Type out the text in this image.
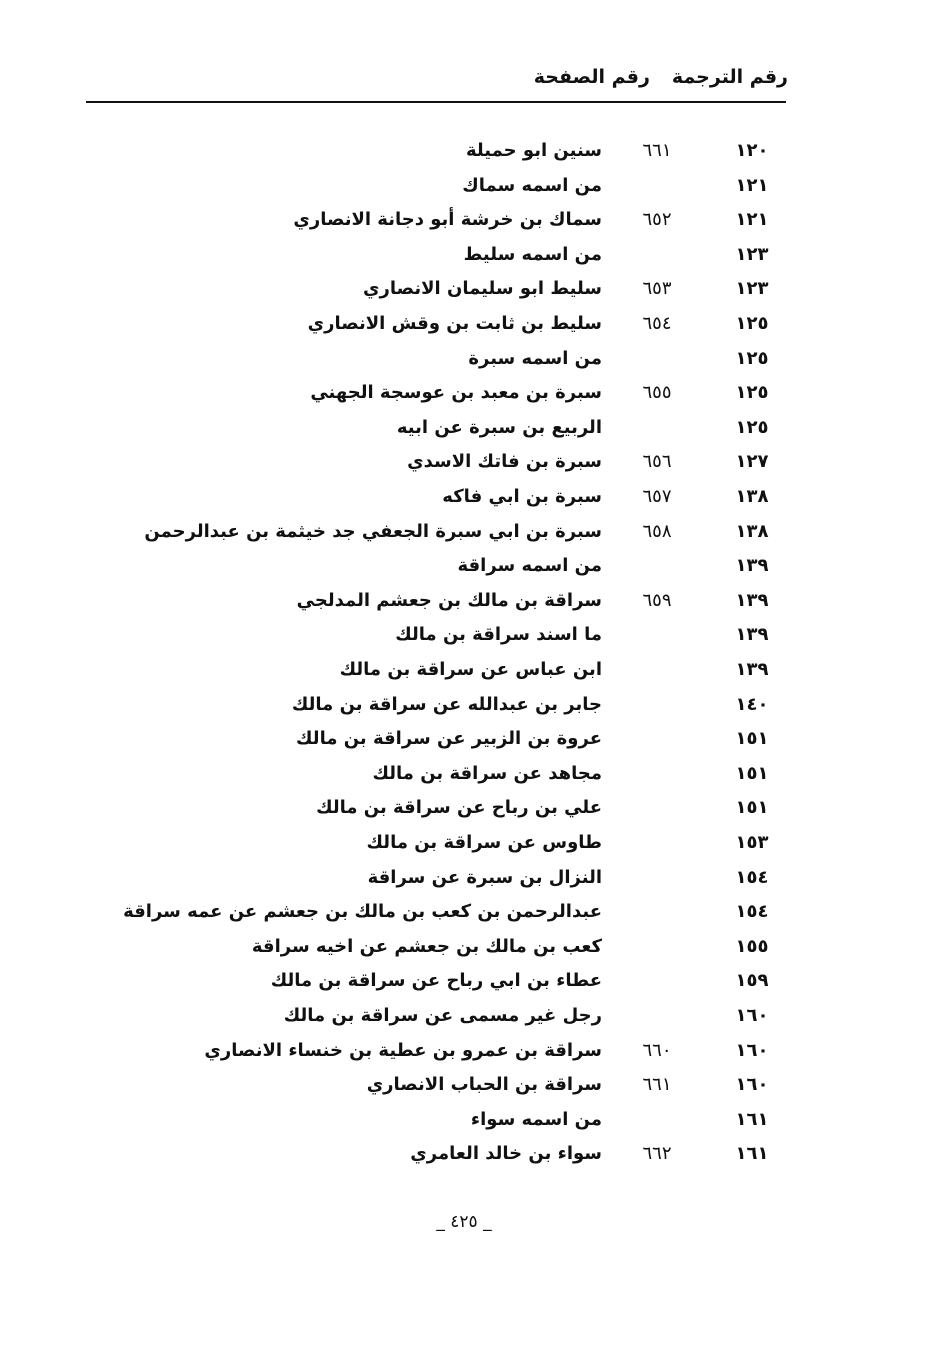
رقم الصفحة رقم الترجمة
١٢٠
٦٦١
سنين ابو حميلة
١٢١
من اسمه سماك
١٢١
٦٥٢
سماك بن خرشة أبو دجانة الانصاري
١٢٣
من اسمه سليط
١٢٣
٦٥٣
سليط ابو سليمان الانصاري
١٢٥
٦٥٤
سليط بن ثابت بن وقش الانصاري
١٢٥
من اسمه سبرة
١٢٥
٦٥٥
سبرة بن معبد بن عوسجة الجهني
١٢٥
الربيع بن سبرة عن ابيه
١٢٧
٦٥٦
سبرة بن فاتك الاسدي
١٣٨
٦٥٧
سبرة بن ابي فاكه
١٣٨
٦٥٨
سبرة بن ابي سبرة الجعفي جد خيثمة بن عبدالرحمن
١٣٩
من اسمه سراقة
١٣٩
٦٥٩
سراقة بن مالك بن جعشم المدلجي
١٣٩
ما اسند سراقة بن مالك
١٣٩
ابن عباس عن سراقة بن مالك
١٤٠
جابر بن عبدالله عن سراقة بن مالك
١٥١
عروة بن الزبير عن سراقة بن مالك
١٥١
مجاهد عن سراقة بن مالك
١٥١
علي بن رباح عن سراقة بن مالك
١٥٣
طاوس عن سراقة بن مالك
١٥٤
النزال بن سبرة عن سراقة
١٥٤
عبدالرحمن بن كعب بن مالك بن جعشم عن عمه سراقة
١٥٥
كعب بن مالك بن جعشم عن اخيه سراقة
١٥٩
عطاء بن ابي رباح عن سراقة بن مالك
١٦٠
رجل غير مسمى عن سراقة بن مالك
١٦٠
٦٦٠
سراقة بن عمرو بن عطية بن خنساء الانصاري
١٦٠
٦٦١
سراقة بن الحباب الانصاري
١٦١
من اسمه سواء
١٦١
٦٦٢
سواء بن خالد العامري
_ ٤٢٥ _
